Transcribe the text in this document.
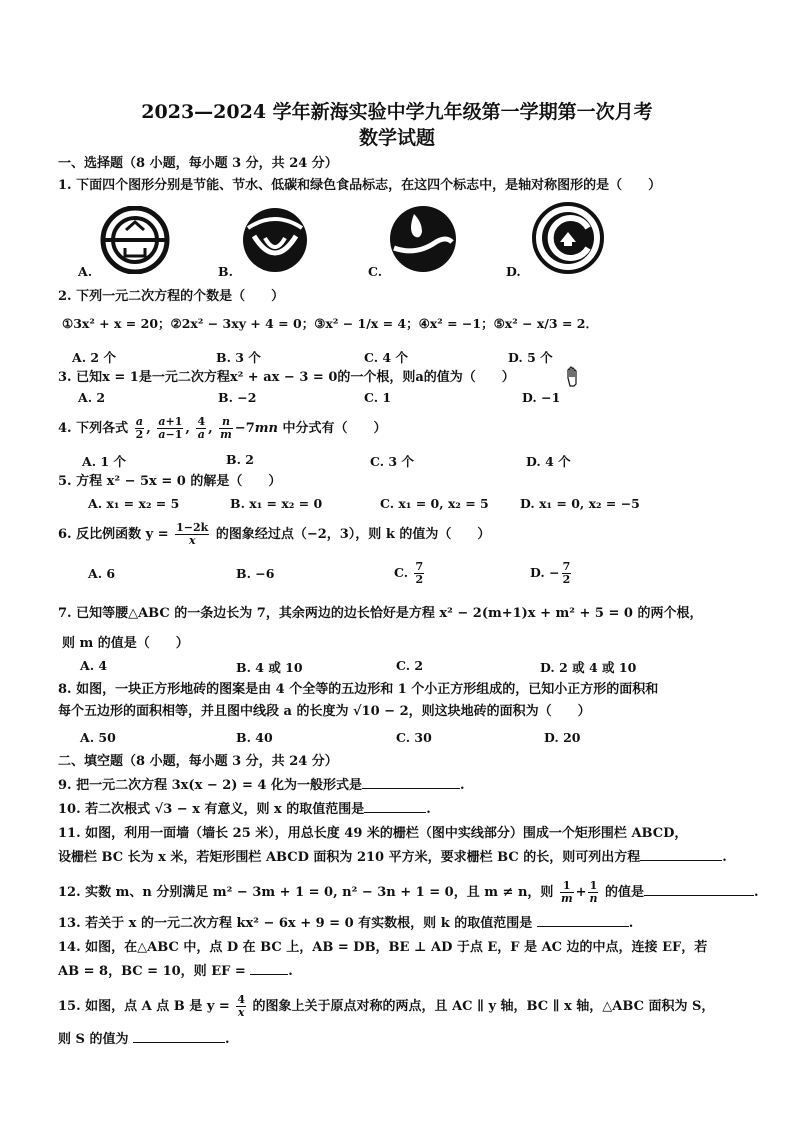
2023—2024 学年新海实验中学九年级第一学期第一次月考
数学试题
一、选择题（8 小题，每小题 3 分，共 24 分）
1. 下面四个图形分别是节能、节水、低碳和绿色食品标志，在这四个标志中，是轴对称图形的是（　　）
A.	B.	C.	D.
2. 下列一元二次方程的个数是（　　）
①3x² + x = 20；②2x² − 3xy + 4 = 0；③x² − 1/x = 4；④x² = −1；⑤x² − x/3 = 2．
A. 2 个	B. 3 个	C. 4 个	D. 5 个
3. 已知x = 1是一元二次方程x² + ax − 3 = 0的一个根，则a的值为（　　）
A. 2	B. −2	C. 1	D. −1
4. 下列各式 $\frac{a}{2}$ , $\frac{a+1}{a-1}$ , $\frac{4}{a}$ , $\frac{n}{m} -7mn$ 中分式有（　　）
A. 1 个	B. 2	C. 3 个	D. 4 个
5. 方程 x² − 5x = 0 的解是（　　）
A. x₁ = x₂ = 5	B. x₁ = x₂ = 0	C. x₁ = 0, x₂ = 5	D. x₁ = 0, x₂ = −5
6. 反比例函数 $y = \frac{1-2k}{x}$ 的图象经过点（−2，3），则 k 的值为（　　）
A. 6	B. −6	C. $\frac{7}{2}$	D. − $\frac{7}{2}$
7. 已知等腰△ABC 的一条边长为 7，其余两边的边长恰好是方程 x² − 2(m+1)x + m² + 5 = 0 的两个根，
则 m 的值是（　　）
A. 4	B. 4 或 10	C. 2	D. 2 或 4 或 10
8. 如图，一块正方形地砖的图案是由 4 个全等的五边形和 1 个小正方形组成的，已知小正方形的面积和
每个五边形的面积相等，并且图中线段 a 的长度为 √10 − 2，则这块地砖的面积为（　　）
A. 50	B. 40	C. 30	D. 20
二、填空题（8 小题，每小题 3 分，共 24 分）
9. 把一元二次方程 3x(x − 2) = 4 化为一般形式是	.
10. 若二次根式 √3 − x 有意义，则 x 的取值范围是	.
11. 如图，利用一面墙（墙长 25 米），用总长度 49 米的栅栏（图中实线部分）围成一个矩形围栏 ABCD，
设栅栏 BC 长为 x 米，若矩形围栏 ABCD 面积为 210 平方米，要求栅栏 BC 的长，则可列出方程	.
12. 实数 m、n 分别满足 m² − 3m + 1 = 0, n² − 3n + 1 = 0，且 m ≠ n，则 $\frac{1}{m} + \frac{1}{n}$ 的值是	.
13. 若关于 x 的一元二次方程 kx² − 6x + 9 = 0 有实数根，则 k 的取值范围是	.
14. 如图，在△ABC 中，点 D 在 BC 上，AB = DB，BE ⊥ AD 于点 E，F 是 AC 边的中点，连接 EF，若
AB = 8，BC = 10，则 EF =	.
15. 如图，点 A 点 B 是 $y = \frac{4}{x}$ 的图象上关于原点对称的两点，且 AC ∥ y 轴，BC ∥ x 轴，△ABC 面积为 S，
则 S 的值为	.
